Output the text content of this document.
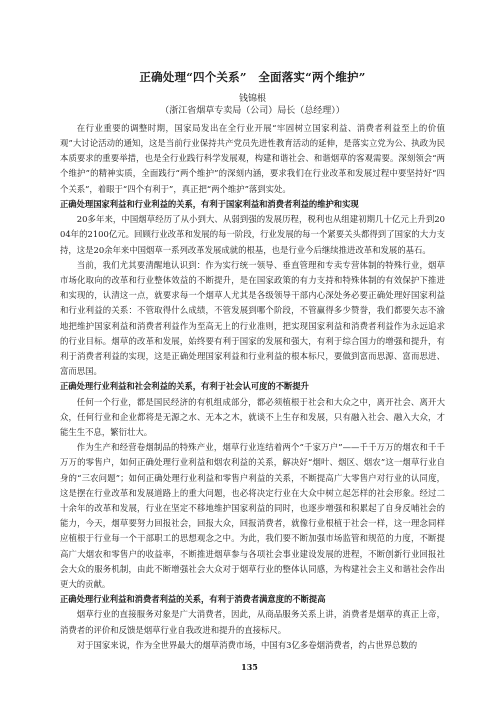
正确处理“四个关系”　全面落实“两个维护”

钱锦根

（浙江省烟草专卖局（公司）局长（总经理））

在行业重要的调整时期，国家局发出在全行业开展“牢固树立国家利益、消费者利益至上的价值观”大讨论活动的通知，这是当前行业保持共产党员先进性教育活动的延伸，是落实立党为公、执政为民本质要求的重要举措，也是全行业践行科学发展观，构建和谐社会、和谐烟草的客观需要。深刻领会“两个维护”的精神实质，全面践行“两个维护”的深刻内涵，要求我们在行业改革和发展过程中要坚持好“四个关系”，着眼于“四个有利于”，真正把“两个维护”落到实处。

正确处理国家利益和行业利益的关系，有利于国家利益和消费者利益的维护和实现

20多年来，中国烟草经历了从小到大、从弱到强的发展历程，税利也从组建初期几十亿元上升到2004年的2100亿元。回顾行业改革和发展的每一阶段，行业发展的每一个紧要关头都得到了国家的大力支持，这是20余年来中国烟草一系列改革发展成就的根基，也是行业今后继续推进改革和发展的基石。

当前，我们尤其要清醒地认识到：作为实行统一领导、垂直管理和专卖专营体制的特殊行业，烟草市场化取向的改革和行业整体效益的不断提升，是在国家政策的有力支持和特殊体制的有效保护下推进和实现的，认清这一点，就要求每一个烟草人尤其是各级领导干部内心深处务必要正确处理好国家利益和行业利益的关系：不管取得什么成绩，不管发展到哪个阶段，不管赢得多少赞誉，我们都要矢志不渝地把维护国家利益和消费者利益作为至高无上的行业准则，把实现国家利益和消费者利益作为永远追求的行业目标。烟草的改革和发展，始终要有利于国家的发展和强大，有利于综合国力的增强和提升，有利于消费者利益的实现，这是正确处理国家利益和行业利益的根本标尺，要做到富而思源、富而思进、富而思国。

正确处理行业利益和社会利益的关系，有利于社会认可度的不断提升

任何一个行业，都是国民经济的有机组成部分，都必须植根于社会和大众之中，离开社会、离开大众，任何行业和企业都将是无源之水、无本之木，就谈不上生存和发展，只有融入社会、融入大众，才能生生不息，繁衍壮大。

作为生产和经营卷烟制品的特殊产业，烟草行业连结着两个“千家万户”——千千万万的烟农和千千万万的零售户，如何正确处理行业利益和烟农利益的关系，解决好“烟叶、烟区、烟农”这一烟草行业自身的“三农问题”；如何正确处理行业利益和零售户利益的关系，不断提高广大零售户对行业的认同度，这是摆在行业改革和发展道路上的重大问题，也必将决定行业在大众中树立起怎样的社会形象。经过二十余年的改革和发展，行业在坚定不移地维护国家利益的同时，也逐步增强和积累起了自身反哺社会的能力，今天，烟草要努力回报社会，回报大众，回报消费者，就像行业根植于社会一样，这一理念同样应植根于行业每一个干部职工的思想观念之中。为此，我们要不断加强市场监管和规范的力度，不断提高广大烟农和零售户的收益率，不断推进烟草参与各项社会事业建设发展的进程，不断创新行业回报社会大众的服务机制，由此不断增强社会大众对于烟草行业的整体认同感，为构建社会主义和谐社会作出更大的贡献。

正确处理行业利益和消费者利益的关系，有利于消费者满意度的不断提高

烟草行业的直接服务对象是广大消费者，因此，从商品服务关系上讲，消费者是烟草的真正上帝，消费者的评价和反馈是烟草行业自我改进和提升的直接标尺。

对于国家来说，作为全世界最大的烟草消费市场，中国有3亿多卷烟消费者，约占世界总数的

135
